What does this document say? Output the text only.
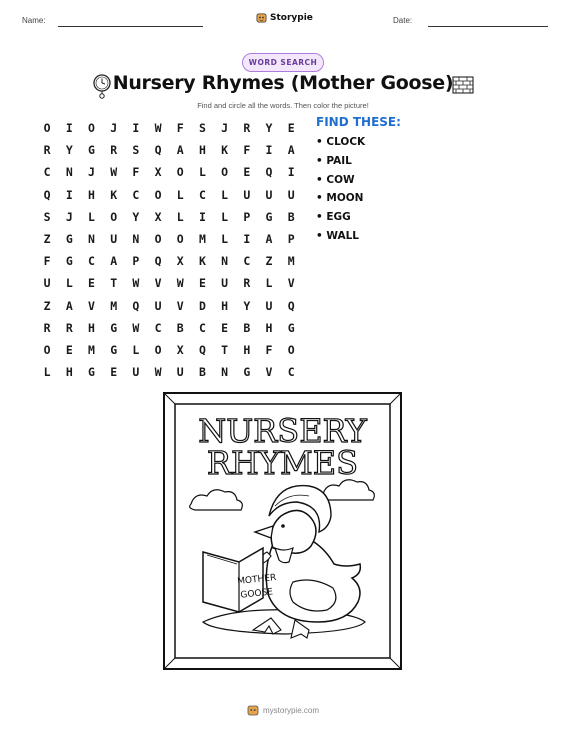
Name:	Storypie	Date:
WORD SEARCH
Nursery Rhymes (Mother Goose)
Find and circle all the words. Then color the picture!
O	I	O	J	I	W	F	S	J	R	Y	E
R	Y	G	R	S	Q	A	H	K	F	I	A
C	N	J	W	F	X	O	L	O	E	Q	I
Q	I	H	K	C	O	L	C	L	U	U	U
S	J	L	O	Y	X	L	I	L	P	G	B
Z	G	N	U	N	O	O	M	L	I	A	P
F	G	C	A	P	Q	X	K	N	C	Z	M
U	L	E	T	W	V	W	E	U	R	L	V
Z	A	V	M	Q	U	V	D	H	Y	U	Q
R	R	H	G	W	C	B	C	E	B	H	G
O	E	M	G	L	O	X	Q	T	H	F	O
L	H	G	E	U	W	U	B	N	G	V	C
FIND THESE:
• CLOCK
• PAIL
• COW
• MOON
• EGG
• WALL
NURSERY
RHYMES
MOTHER
GOOSE
mystorypie.com
